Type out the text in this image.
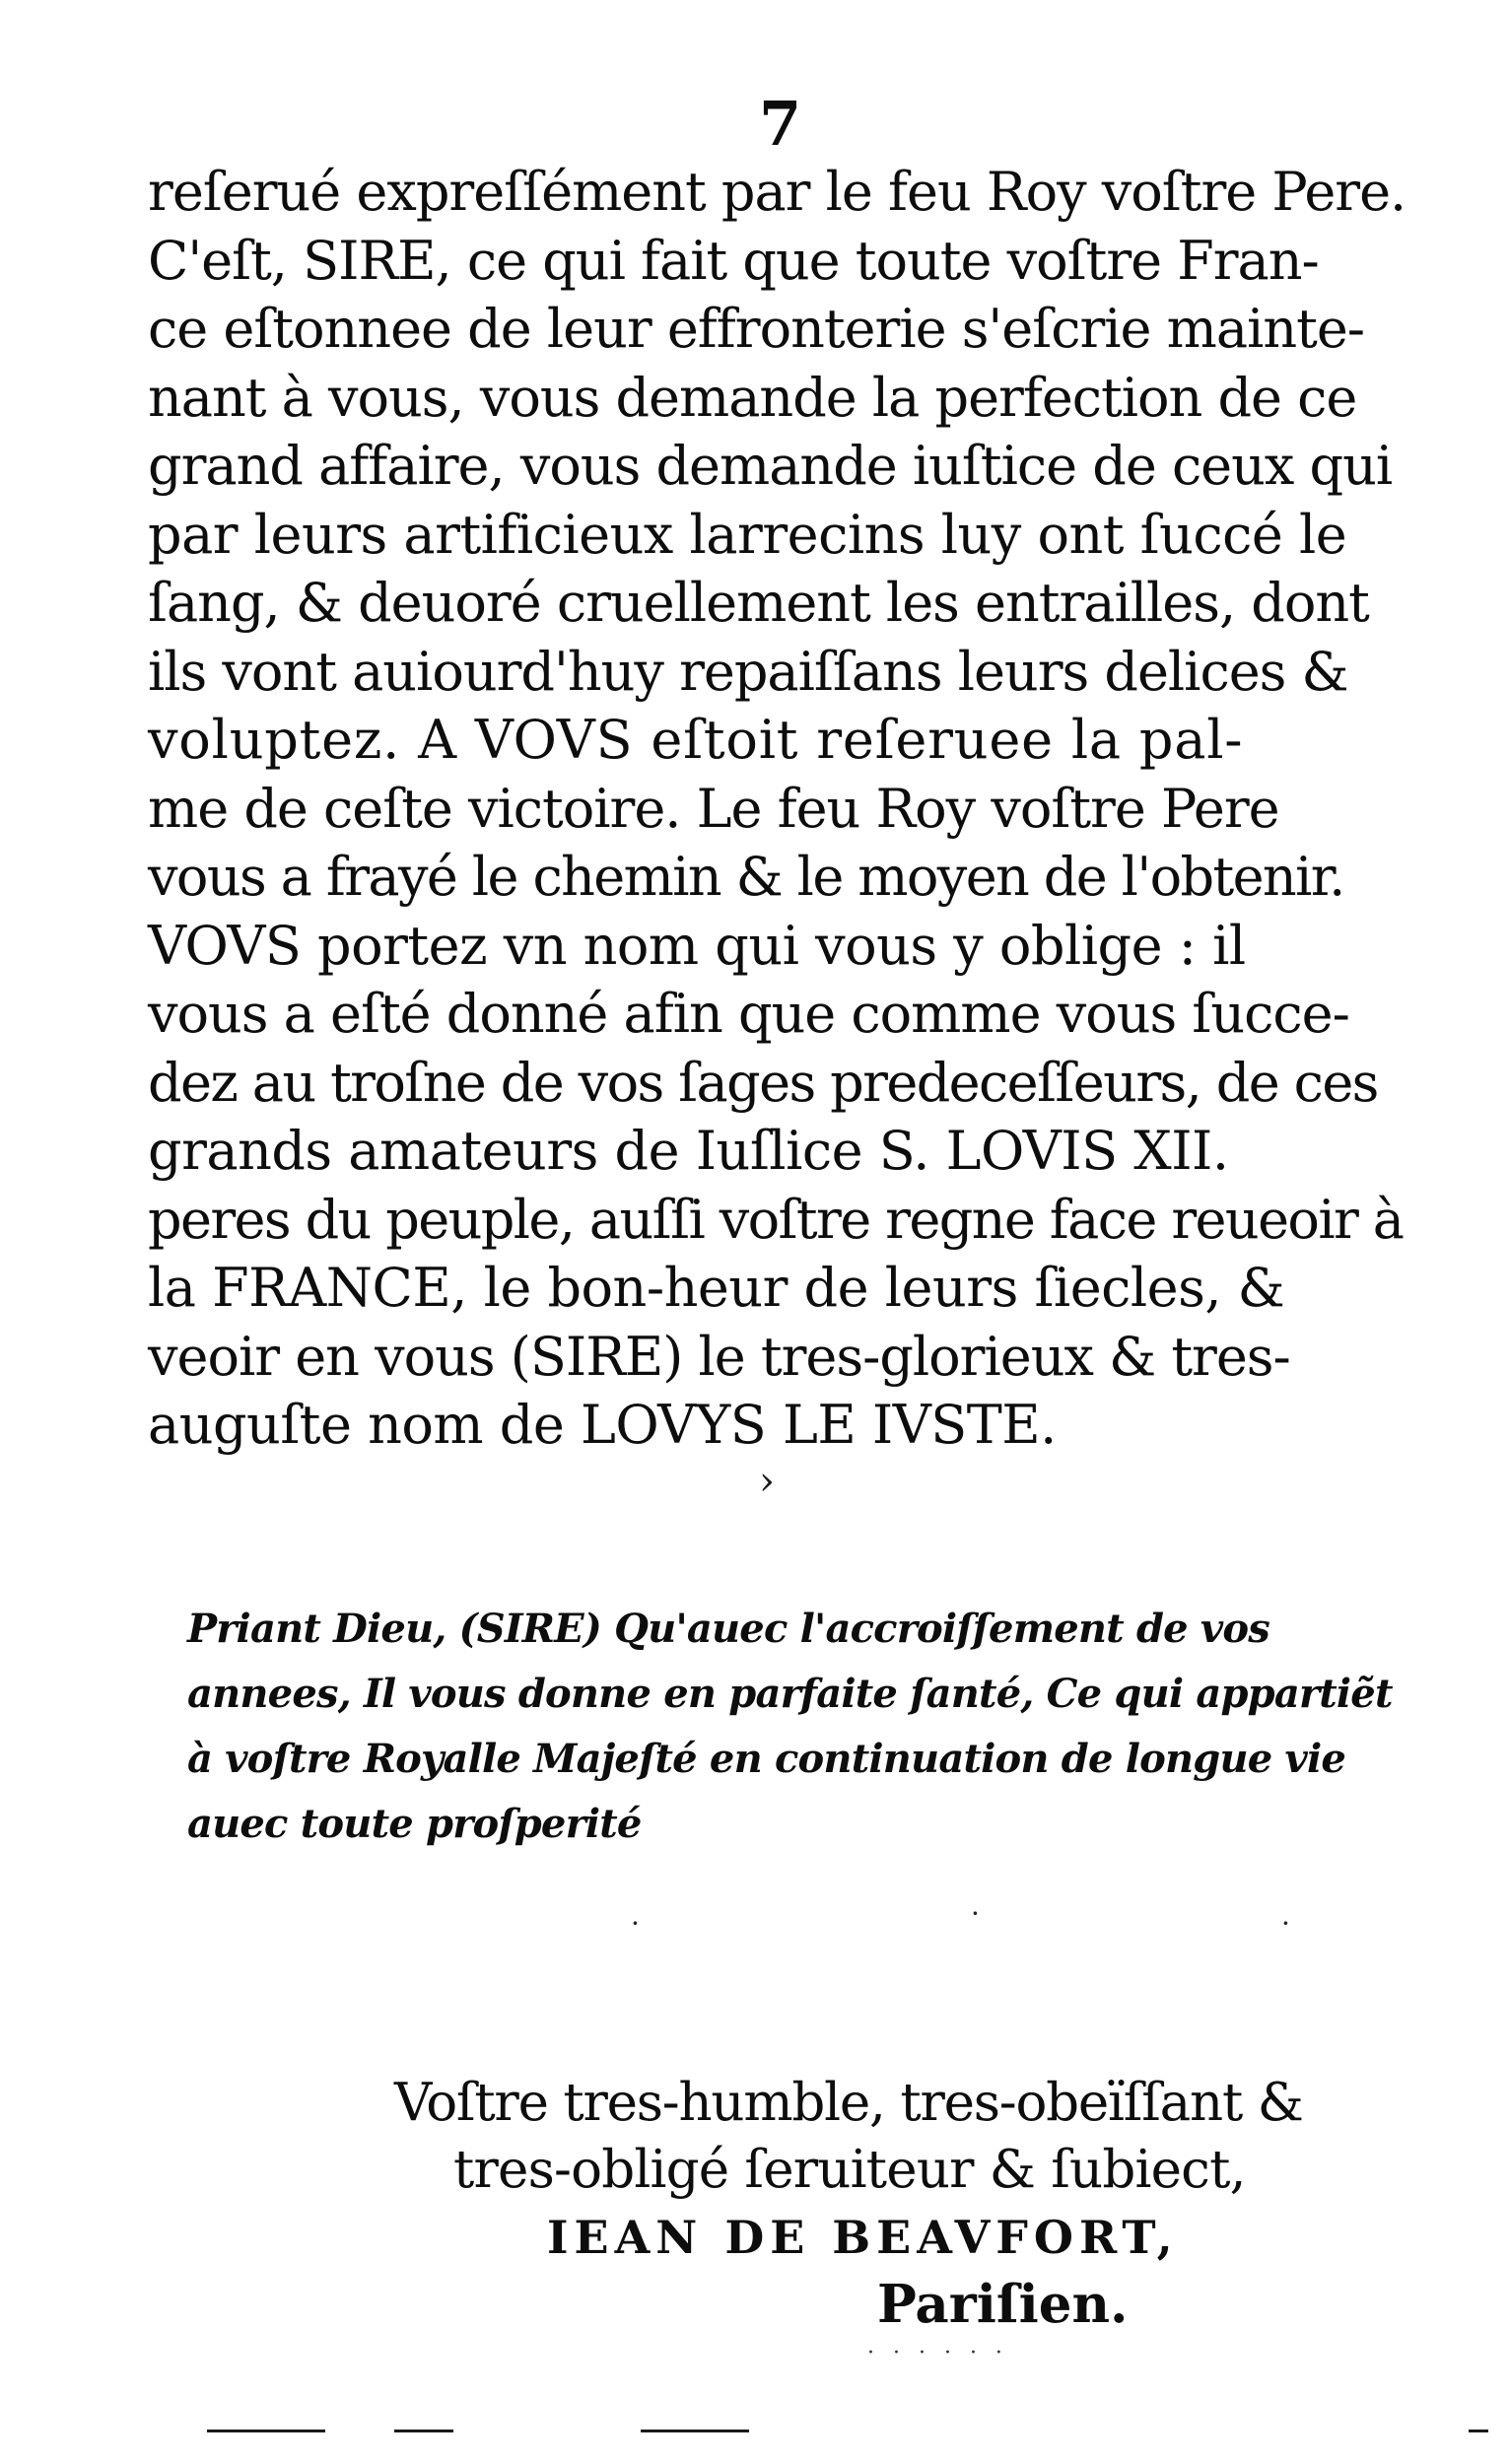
7
reſerué expreſſément par le feu Roy voſtre Pere.
C'eſt, SIRE, ce qui fait que toute voſtre Fran-
ce eſtonnee de leur effronterie s'eſcrie mainte-
nant à vous, vous demande la perfection de ce
grand affaire, vous demande iuſtice de ceux qui
par leurs artificieux larrecins luy ont ſuccé le
ſang, & deuoré cruellement les entrailles, dont
ils vont auiourd'huy repaiſſans leurs delices &
voluptez. A VOVS eſtoit reſeruee la pal-
me de ceſte victoire. Le feu Roy voſtre Pere
vous a frayé le chemin & le moyen de l'obtenir.
VOVS portez vn nom qui vous y oblige : il
vous a eſté donné afin que comme vous ſucce-
dez au troſne de vos ſages predeceſſeurs, de ces
grands amateurs de Iuſlice S. LOVIS XII.
peres du peuple, auſſi voſtre regne face reueoir à
la FRANCE, le bon-heur de leurs ſiecles, &
veoir en vous (SIRE) le tres-glorieux & tres-
auguſte nom de LOVYS LE IVSTE.
›
Priant Dieu, (SIRE) Qu'auec l'accroiſſement de vos
annees, Il vous donne en parfaite ſanté, Ce qui appartiẽt
à voſtre Royalle Majeſté en continuation de longue vie
auec toute proſperité
·	·	·
Voſtre tres-humble, tres-obeïſſant &
tres-obligé ſeruiteur & ſubiect,
IEAN DE BEAVFORT,
Pariſien.
· · · · · ·
